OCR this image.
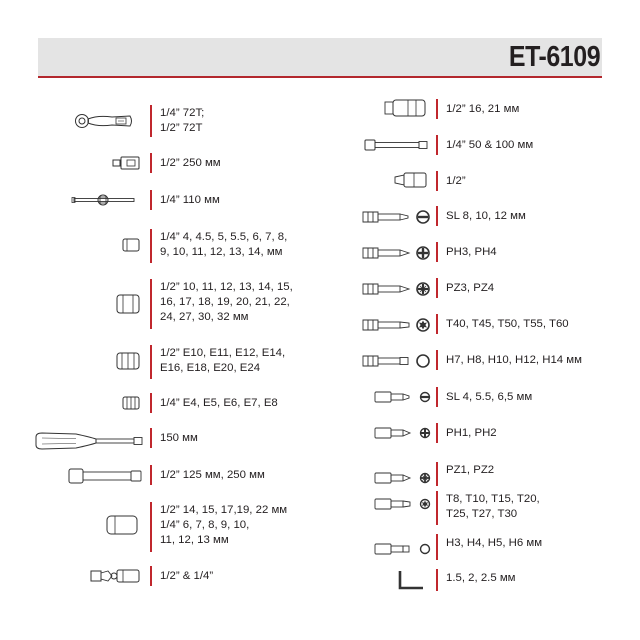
ET-6109
1/4” 72T;
1/2” 72T
1/2” 250 мм
1/4” 110 мм
1/4” 4, 4.5, 5, 5.5, 6, 7, 8,
9, 10, 11, 12, 13, 14, мм
1/2” 10, 11, 12, 13, 14, 15,
16, 17, 18, 19, 20, 21, 22,
24, 27, 30, 32 мм
1/2” E10, E11, E12, E14,
E16, E18, E20, E24
1/4” E4, E5, E6, E7, E8
150 мм
1/2” 125 мм, 250 мм
1/2” 14, 15, 17,19, 22 мм
1/4” 6, 7, 8, 9, 10,
11, 12, 13 мм
1/2” & 1/4”
1/2” 16, 21 мм
1/4” 50 & 100 мм
1/2”
SL 8, 10, 12 мм
PH3, PH4
PZ3, PZ4
T40, T45, T50, T55, T60
H7, H8, H10, H12, H14 мм
SL 4, 5.5, 6,5 мм
PH1, PH2
PZ1, PZ2
T8, T10, T15, T20,
T25, T27, T30
H3, H4, H5, H6 мм
1.5, 2, 2.5 мм
